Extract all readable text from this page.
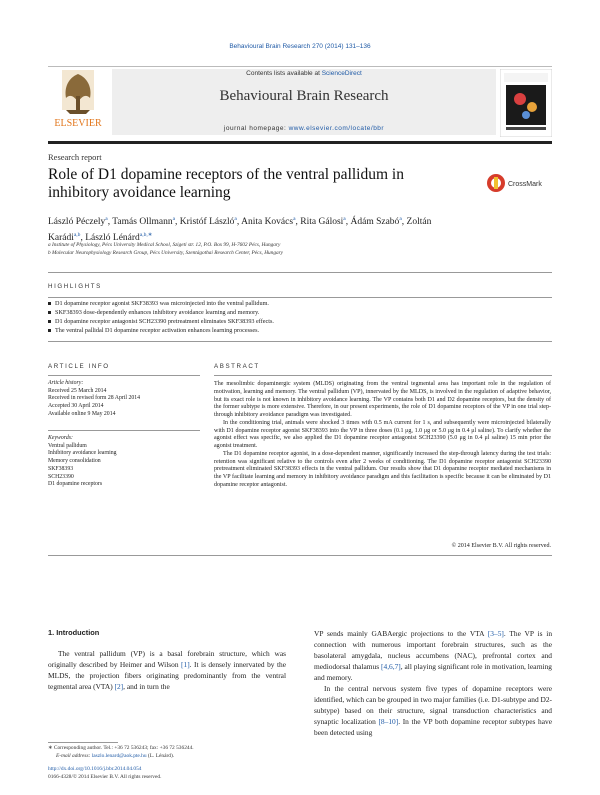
Behavioural Brain Research 270 (2014) 131–136
ELSEVIER
Contents lists available at ScienceDirect
Behavioural Brain Research
journal homepage: www.elsevier.com/locate/bbr
Research report
Role of D1 dopamine receptors of the ventral pallidum in inhibitory avoidance learning	CrossMark
László Péczely$^a$, Tamás Ollmann$^a$, Kristóf László$^a$, Anita Kovács$^a$, Rita Gálosi$^a$, Ádám Szabó$^a$, Zoltán Karádi$^{a,b}$, László Lénárd$^{a,b,∗}$
a Institute of Physiology, Pécs University Medical School, Szigeti str. 12, P.O. Box 99, H-7602 Pécs, Hungary
b Molecular Neurophysiology Research Group, Pécs University, Szentágothai Research Center, Pécs, Hungary
HIGHLIGHTS
D1 dopamine receptor agonist SKF38393 was microinjected into the ventral pallidum.
SKF38393 dose-dependently enhances inhibitory avoidance learning and memory.
D1 dopamine receptor antagonist SCH23390 pretreatment eliminates SKF38393 effects.
The ventral pallidal D1 dopamine receptor activation enhances learning processes.
ARTICLE INFO	ABSTRACT
Article history:
Received 25 March 2014
Received in revised form 28 April 2014
Accepted 30 April 2014
Available online 9 May 2014
Keywords:
Ventral pallidum
Inhibitory avoidance learning
Memory consolidation
SKF38393
SCH23390
D1 dopamine receptors

The mesolimbic dopaminergic system (MLDS) originating from the ventral tegmental area has important role in the regulation of motivation, learning and memory. The ventral pallidum (VP), innervated by the MLDS, is involved in the regulation of adaptive behavior, but its exact role is not known in inhibitory avoidance learning. The VP contains both D1 and D2 dopamine receptors, but the density of the former subtype is more extensive. Therefore, in our present experiments, the role of D1 dopamine receptors of the VP in one trial step-through inhibitory avoidance paradigm was investigated.

In the conditioning trial, animals were shocked 3 times with 0.5 mA current for 1 s, and subsequently were microinjected bilaterally with D1 dopamine receptor agonist SKF38393 into the VP in three doses (0.1 μg, 1.0 μg or 5.0 μg in 0.4 μl saline). To clarify whether the agonist effect was specific, we also applied the D1 dopamine receptor antagonist SCH23390 (5.0 μg in 0.4 μl saline) 15 min prior the agonist treatment.

The D1 dopamine receptor agonist, in a dose-dependent manner, significantly increased the step-through latency during the test trials: retention was significant relative to the controls even after 2 weeks of conditioning. The D1 dopamine receptor antagonist SCH23390 pretreatment eliminated SKF38393 effects in the ventral pallidum. Our results show that D1 dopamine receptor mediated mechanisms in the VP facilitate learning and memory in inhibitory avoidance paradigm and this facilitation is specific because it can be eliminated by D1 dopamine receptor antagonist.

© 2014 Elsevier B.V. All rights reserved.
1. Introduction

The ventral pallidum (VP) is a basal forebrain structure, which was originally described by Heimer and Wilson [1]. It is densely innervated by the MLDS, the projection fibers originating predominantly from the ventral tegmental area (VTA) [2], and in turn the

VP sends mainly GABAergic projections to the VTA [3–5]. The VP is in connection with numerous important forebrain structures, such as the basolateral amygdala, nucleus accumbens (NAC), prefrontal cortex and mediodorsal thalamus [4,6,7], all playing significant role in motivation, learning and memory.

In the central nervous system five types of dopamine receptors were identified, which can be grouped in two major families (i.e. D1-subtype and D2-subtype) based on their structure, signal transduction characteristics and synaptic localization [8–10]. In the VP both dopamine receptor subtypes have been detected using

∗ Corresponding author. Tel.: +36 72 536243; fax: +36 72 536244.
E-mail address: laszlo.lenard@aok.pte.hu (L. Lénárd).
http://dx.doi.org/10.1016/j.bbr.2014.04.054
0166-4328/© 2014 Elsevier B.V. All rights reserved.
